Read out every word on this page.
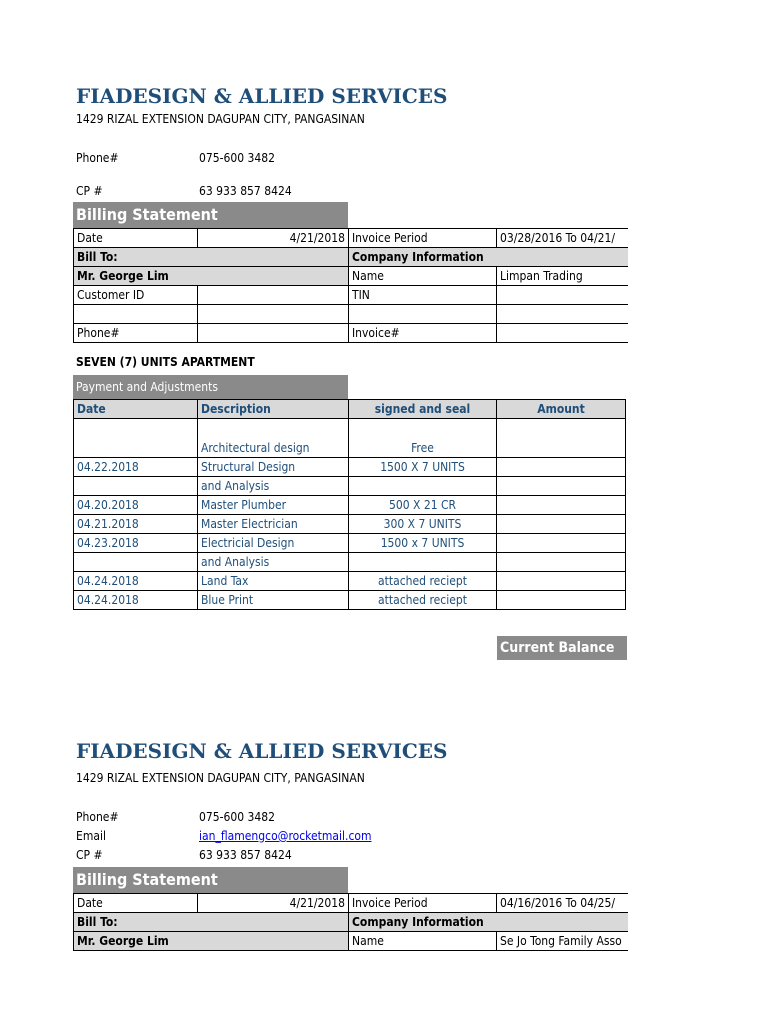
FIADESIGN & ALLIED SERVICES
1429 RIZAL EXTENSION DAGUPAN CITY, PANGASINAN
Phone#	075-600 3482
CP #	63 933 857 8424
Billing Statement
Date	4/21/2018	Invoice Period	03/28/2016 To 04/21/
Bill To:		Company Information	
Mr. George Lim		Name	Limpan Trading
Customer ID		TIN	

Phone#		Invoice#	
SEVEN (7) UNITS APARTMENT
Payment and Adjustments
Date	Description	signed and seal	Amount	
	Architectural design	Free		
04.22.2018	Structural Design	1500 X 7 UNITS		
	and Analysis			
04.20.2018	Master Plumber	500 X 21 CR		
04.21.2018	Master Electrician	300 X 7 UNITS		
04.23.2018	Electricial Design	1500 x 7 UNITS		
	and Analysis			
04.24.2018	Land Tax	attached reciept		
04.24.2018	Blue Print	attached reciept		
Current Balance
FIADESIGN & ALLIED SERVICES
1429 RIZAL EXTENSION DAGUPAN CITY, PANGASINAN
Phone#	075-600 3482
Email	ian_flamengco@rocketmail.com
CP #	63 933 857 8424
Billing Statement
Date	4/21/2018	Invoice Period	04/16/2016 To 04/25/
Bill To:		Company Information	
Mr. George Lim		Name	Se Jo Tong Family Asso
